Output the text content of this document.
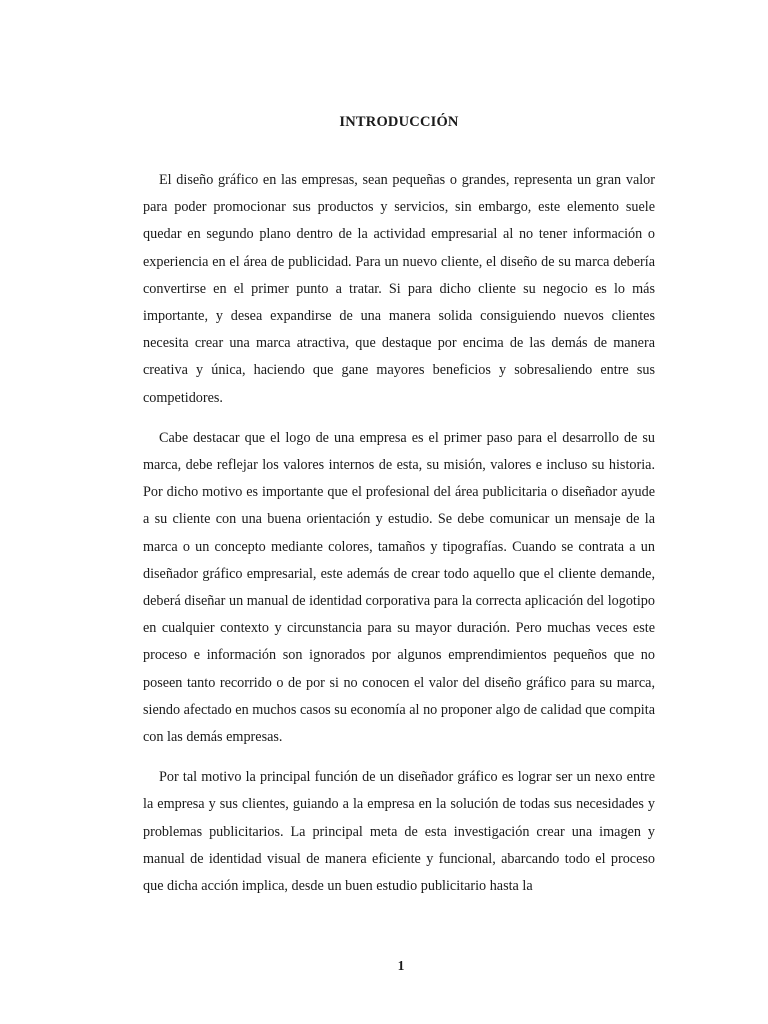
INTRODUCCIÓN

El diseño gráfico en las empresas, sean pequeñas o grandes, representa un gran valor para poder promocionar sus productos y servicios, sin embargo, este elemento suele quedar en segundo plano dentro de la actividad empresarial al no tener información o experiencia en el área de publicidad. Para un nuevo cliente, el diseño de su marca debería convertirse en el primer punto a tratar. Si para dicho cliente su negocio es lo más importante, y desea expandirse de una manera solida consiguiendo nuevos clientes necesita crear una marca atractiva, que destaque por encima de las demás de manera creativa y única, haciendo que gane mayores beneficios y sobresaliendo entre sus competidores.

Cabe destacar que el logo de una empresa es el primer paso para el desarrollo de su marca, debe reflejar los valores internos de esta, su misión, valores e incluso su historia. Por dicho motivo es importante que el profesional del área publicitaria o diseñador ayude a su cliente con una buena orientación y estudio. Se debe comunicar un mensaje de la marca o un concepto mediante colores, tamaños y tipografías. Cuando se contrata a un diseñador gráfico empresarial, este además de crear todo aquello que el cliente demande, deberá diseñar un manual de identidad corporativa para la correcta aplicación del logotipo en cualquier contexto y circunstancia para su mayor duración. Pero muchas veces este proceso e información son ignorados por algunos emprendimientos pequeños que no poseen tanto recorrido o de por si no conocen el valor del diseño gráfico para su marca, siendo afectado en muchos casos su economía al no proponer algo de calidad que compita con las demás empresas.

Por tal motivo la principal función de un diseñador gráfico es lograr ser un nexo entre la empresa y sus clientes, guiando a la empresa en la solución de todas sus necesidades y problemas publicitarios. La principal meta de esta investigación crear una imagen y manual de identidad visual de manera eficiente y funcional, abarcando todo el proceso que dicha acción implica, desde un buen estudio publicitario hasta la

1
